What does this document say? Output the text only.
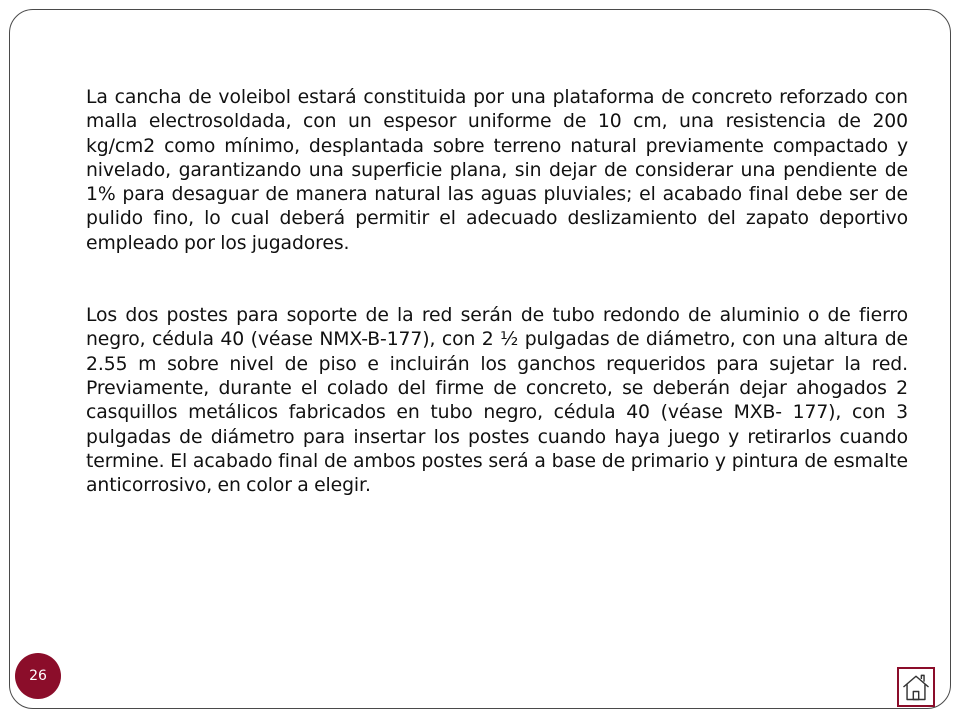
La cancha de voleibol estará constituida por una plataforma de concreto reforzado con malla electrosoldada, con un espesor uniforme de 10 cm, una resistencia de 200 kg/cm2 como mínimo, desplantada sobre terreno natural previamente compactado y nivelado, garantizando una superficie plana, sin dejar de considerar una pendiente de 1% para desaguar de manera natural las aguas pluviales; el acabado final debe ser de pulido fino, lo cual deberá permitir el adecuado deslizamiento del zapato deportivo empleado por los jugadores.

Los dos postes para soporte de la red serán de tubo redondo de aluminio o de fierro negro, cédula 40 (véase NMX-B-177), con 2 ½ pulgadas de diámetro, con una altura de 2.55 m sobre nivel de piso e incluirán los ganchos requeridos para sujetar la red. Previamente, durante el colado del firme de concreto, se deberán dejar ahogados 2 casquillos metálicos fabricados en tubo negro, cédula 40 (véase MXB- 177), con 3 pulgadas de diámetro para insertar los postes cuando haya juego y retirarlos cuando termine. El acabado final de ambos postes será a base de primario y pintura de esmalte anticorrosivo, en color a elegir.

26
